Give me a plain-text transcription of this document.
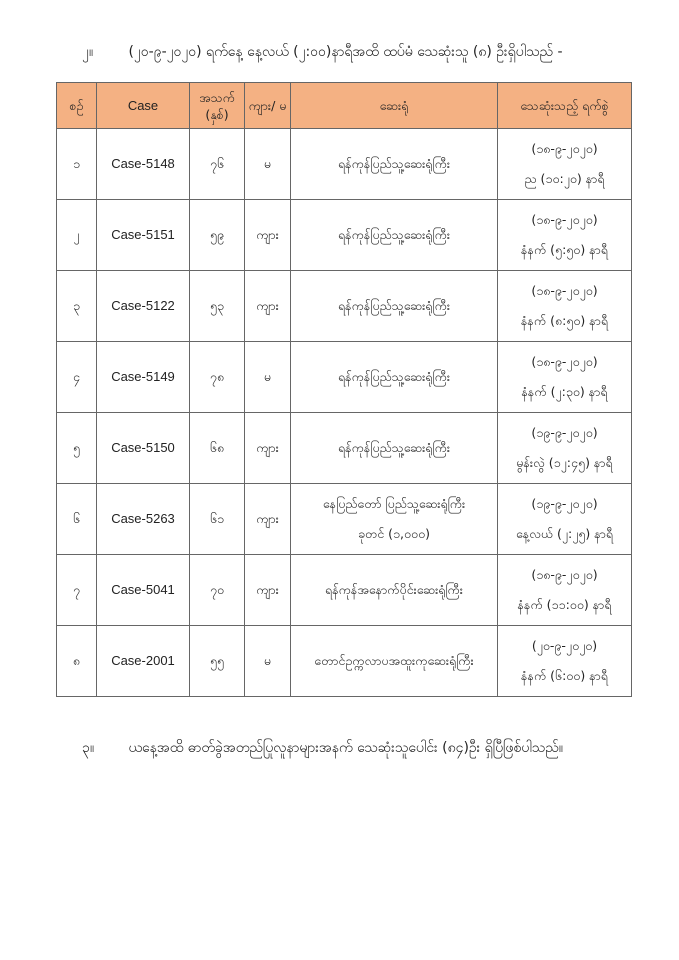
၂။	(၂၀-၉-၂၀၂၀) ရက်နေ့ နေ့လယ် (၂:၀၀)နာရီအထိ ထပ်မံ သေဆုံးသူ (၈) ဦးရှိပါသည် -
စဉ်	Case	အသက် (နှစ်)	ကျား/ မ	ဆေးရုံ	သေဆုံးသည့် ရက်စွဲ
၁	Case-5148	၇၆	မ	ရန်ကုန်ပြည်သူ့ဆေးရုံကြီး	(၁၈-၉-၂၀၂၀)
ည (၁၀:၂၀) နာရီ

၂	Case-5151	၅၉	ကျား	ရန်ကုန်ပြည်သူ့ဆေးရုံကြီး	(၁၈-၉-၂၀၂၀)
နံနက် (၅:၅၀) နာရီ

၃	Case-5122	၅၃	ကျား	ရန်ကုန်ပြည်သူ့ဆေးရုံကြီး	(၁၈-၉-၂၀၂၀)
နံနက် (၈:၅၀) နာရီ

၄	Case-5149	၇၈	မ	ရန်ကုန်ပြည်သူ့ဆေးရုံကြီး	(၁၈-၉-၂၀၂၀)
နံနက် (၂:၃၀) နာရီ

၅	Case-5150	၆၈	ကျား	ရန်ကုန်ပြည်သူ့ဆေးရုံကြီး	(၁၉-၉-၂၀၂၀)
မွန်းလွဲ (၁၂:၄၅) နာရီ

၆	Case-5263	၆၁	ကျား	နေပြည်တော် ပြည်သူ့ဆေးရုံကြီး
ခုတင် (၁,၀၀၀)	(၁၉-၉-၂၀၂၀)
နေ့လယ် (၂:၂၅) နာရီ

၇	Case-5041	၇၀	ကျား	ရန်ကုန်အနောက်ပိုင်းဆေးရုံကြီး	(၁၈-၉-၂၀၂၀)
နံနက် (၁၁:၀၀) နာရီ

၈	Case-2001	၅၅	မ	တောင်ဥက္ကလာပအထူးကုဆေးရုံကြီး	(၂၀-၉-၂၀၂၀)
နံနက် (၆:၀၀) နာရီ
၃။ ယနေ့အထိ ဓာတ်ခွဲအတည်ပြုလူနာများအနက် သေဆုံးသူပေါင်း (၈၄)ဦး ရှိပြီဖြစ်ပါသည်။
